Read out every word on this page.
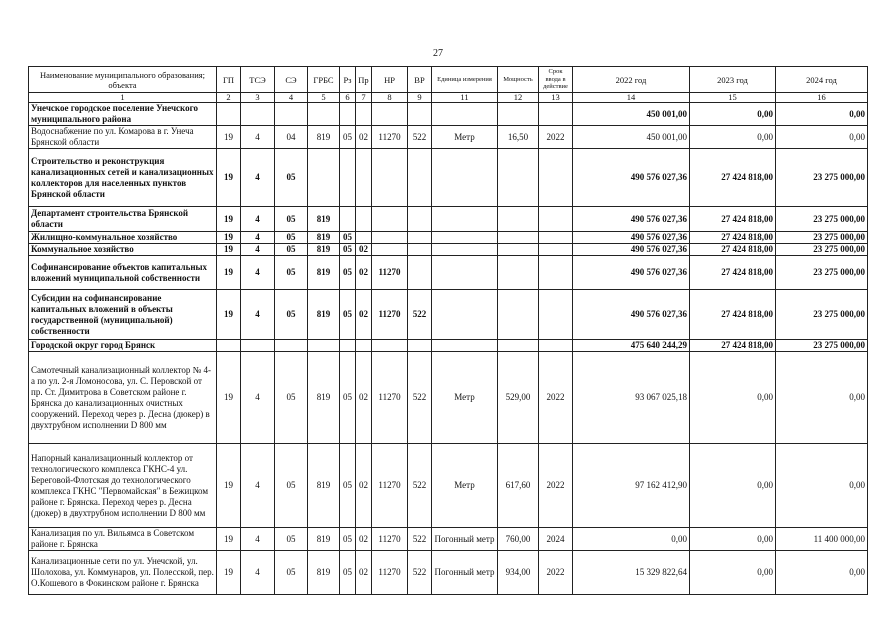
27
Наименование муниципального образования; объекта	ГП	ТСЭ	СЭ	ГРБС	Рз	Пр	НР	ВР	Единица измерения	Мощность	Срок ввода в действие	2022 год	2023 год	2024 год
1	2	3	4	5	6	7	8	9	11	12	13	14	15	16
Унечское городское поселение Унечского муниципального района												450 001,00	0,00	0,00
Водоснабжение по ул. Комарова в г. Унеча Брянской области	19	4	04	819	05	02	11270	522	Метр	16,50	2022	450 001,00	0,00	0,00
Строительство и реконструкция канализационных сетей и канализационных коллекторов для населенных пунктов Брянской области	19	4	05									490 576 027,36	27 424 818,00	23 275 000,00
Департамент строительства Брянской области	19	4	05	819								490 576 027,36	27 424 818,00	23 275 000,00
Жилищно-коммунальное хозяйство	19	4	05	819	05							490 576 027,36	27 424 818,00	23 275 000,00
Коммунальное хозяйство	19	4	05	819	05	02						490 576 027,36	27 424 818,00	23 275 000,00
Софинансирование объектов капитальных вложений муниципальной собственности	19	4	05	819	05	02	11270					490 576 027,36	27 424 818,00	23 275 000,00
Субсидии на софинансирование капитальных вложений в объекты государственной (муниципальной) собственности	19	4	05	819	05	02	11270	522				490 576 027,36	27 424 818,00	23 275 000,00
Городской округ город Брянск												475 640 244,29	27 424 818,00	23 275 000,00
Самотечный канализационный коллектор № 4-а по ул. 2-я Ломоносова, ул. С. Перовской от пр. Ст. Димитрова в Советском районе г. Брянска до канализационных очистных сооружений. Переход через р. Десна (дюкер) в двухтрубном исполнении D 800 мм	19	4	05	819	05	02	11270	522	Метр	529,00	2022	93 067 025,18	0,00	0,00
Напорный канализационный коллектор от технологического комплекса ГКНС-4 ул. Береговой-Флотская до технологического комплекса ГКНС "Первомайская" в Бежицком районе г. Брянска. Переход через р. Десна (дюкер) в двухтрубном исполнении D 800 мм	19	4	05	819	05	02	11270	522	Метр	617,60	2022	97 162 412,90	0,00	0,00
Канализация по ул. Вильямса в Советском районе г. Брянска	19	4	05	819	05	02	11270	522	Погонный метр	760,00	2024	0,00	0,00	11 400 000,00
Канализационные сети по ул. Унечской, ул. Шолохова, ул. Коммунаров, ул. Полесской, пер. О.Кошевого в Фокинском районе г. Брянска	19	4	05	819	05	02	11270	522	Погонный метр	934,00	2022	15 329 822,64	0,00	0,00
